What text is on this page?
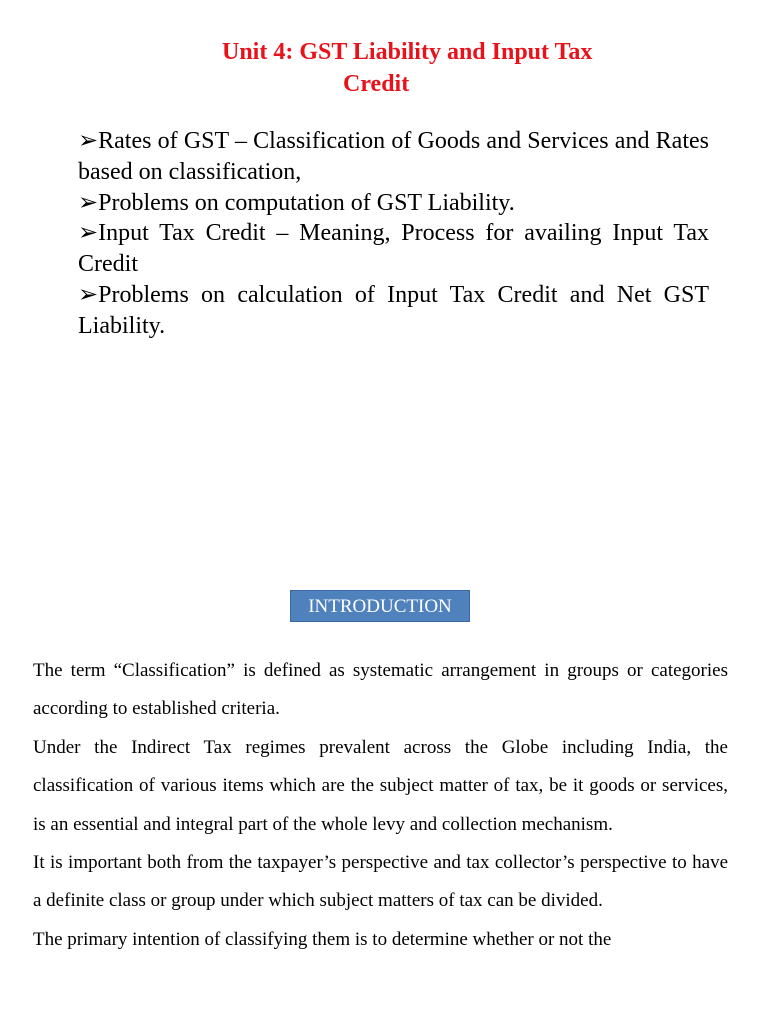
Unit 4: GST Liability and Input Tax
Credit
➢Rates of GST – Classification of Goods and Services and Rates based on classification,
➢Problems on computation of GST Liability.
➢Input Tax Credit – Meaning, Process for availing Input Tax Credit
➢Problems on calculation of Input Tax Credit and Net GST Liability.
INTRODUCTION

The term “Classification” is defined as systematic arrangement in groups or categories according to established criteria.

Under the Indirect Tax regimes prevalent across the Globe including India, the classification of various items which are the subject matter of tax, be it goods or services, is an essential and integral part of the whole levy and collection mechanism.

It is important both from the taxpayer’s perspective and tax collector’s perspective to have a definite class or group under which subject matters of tax can be divided.

The primary intention of classifying them is to determine whether or not the
